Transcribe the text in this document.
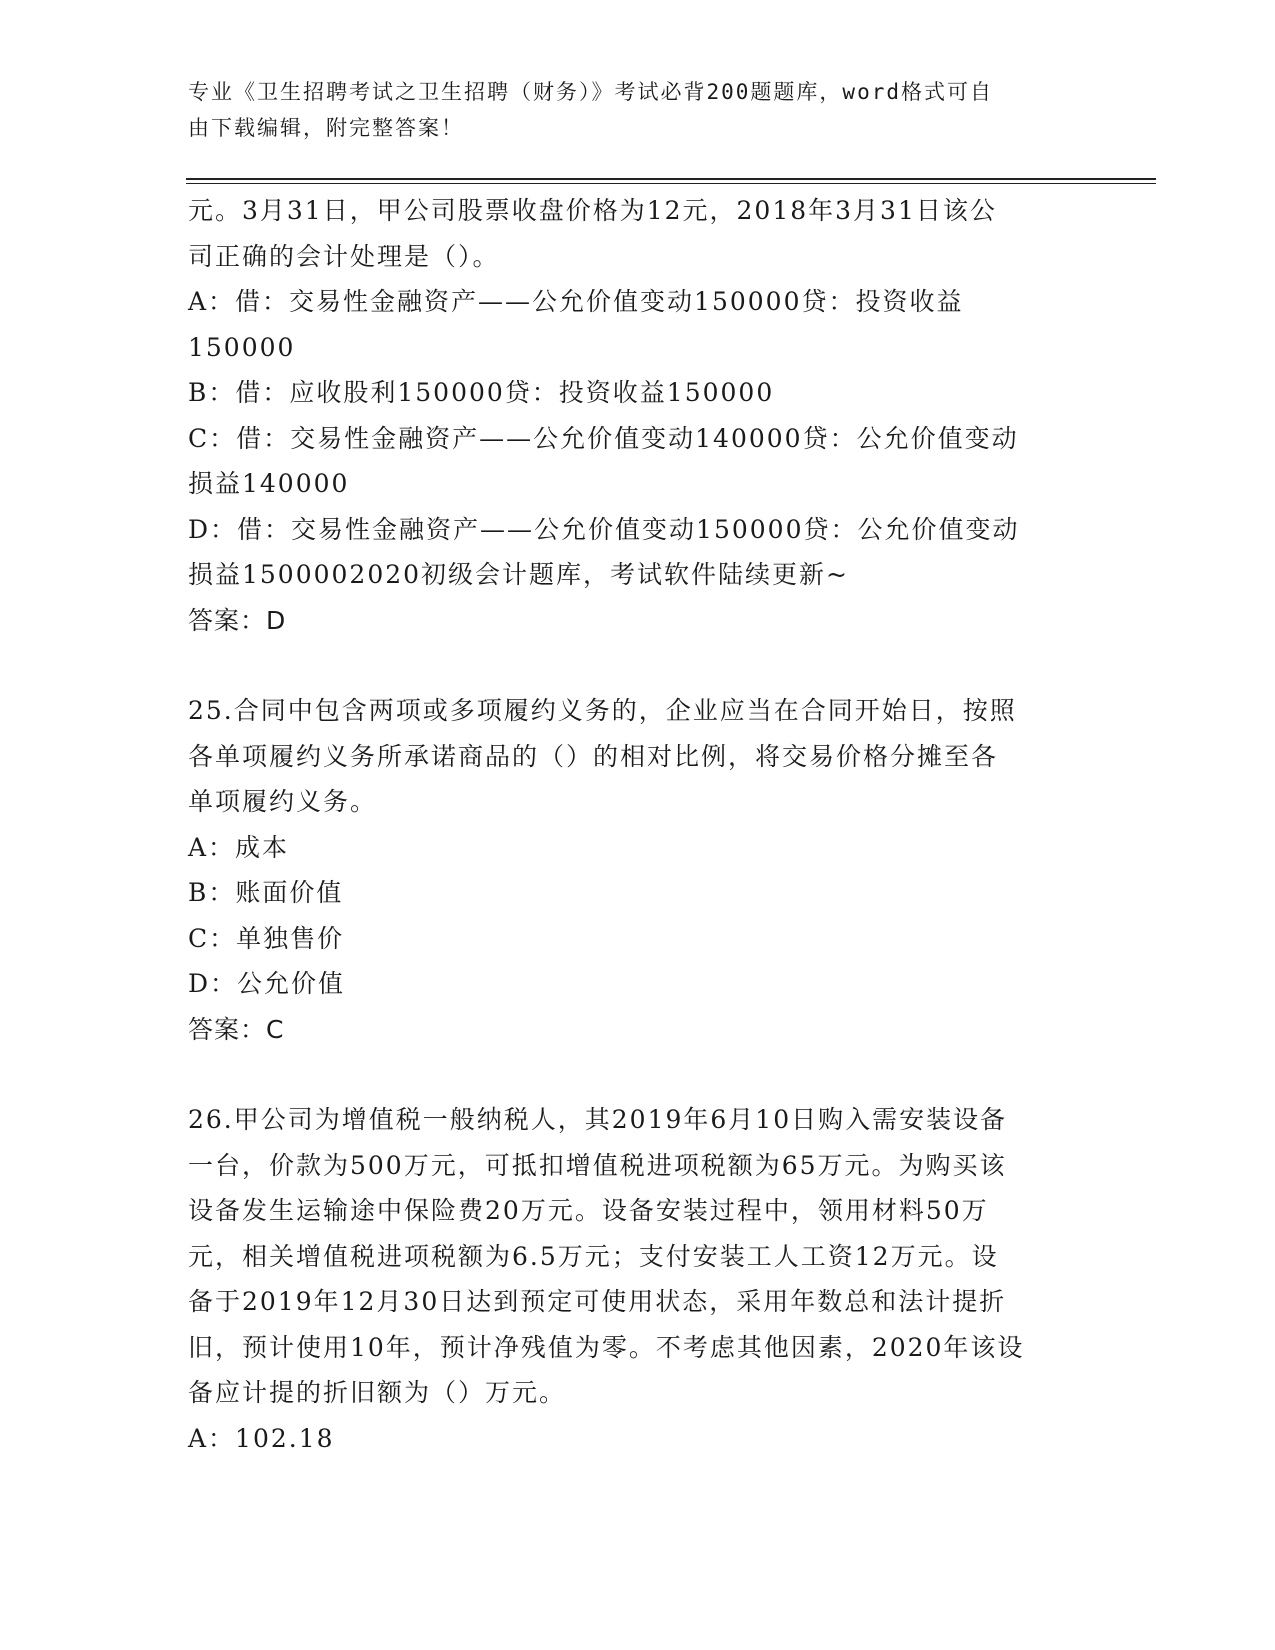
专业《卫生招聘考试之卫生招聘（财务）》考试必背200题题库，word格式可自
由下载编辑，附完整答案！
元。3月31日，甲公司股票收盘价格为12元，2018年3月31日该公
司正确的会计处理是（）。
A：借：交易性金融资产——公允价值变动150000贷：投资收益
150000
B：借：应收股利150000贷：投资收益150000
C：借：交易性金融资产——公允价值变动140000贷：公允价值变动
损益140000
D：借：交易性金融资产——公允价值变动150000贷：公允价值变动
损益1500002020初级会计题库，考试软件陆续更新~
答案：D
25.合同中包含两项或多项履约义务的，企业应当在合同开始日，按照
各单项履约义务所承诺商品的（）的相对比例，将交易价格分摊至各
单项履约义务。
A：成本
B：账面价值
C：单独售价
D：公允价值
答案：C
26.甲公司为增值税一般纳税人，其2019年6月10日购入需安装设备
一台，价款为500万元，可抵扣增值税进项税额为65万元。为购买该
设备发生运输途中保险费20万元。设备安装过程中，领用材料50万
元，相关增值税进项税额为6.5万元；支付安装工人工资12万元。设
备于2019年12月30日达到预定可使用状态，采用年数总和法计提折
旧，预计使用10年，预计净残值为零。不考虑其他因素，2020年该设
备应计提的折旧额为（）万元。
A：102.18
